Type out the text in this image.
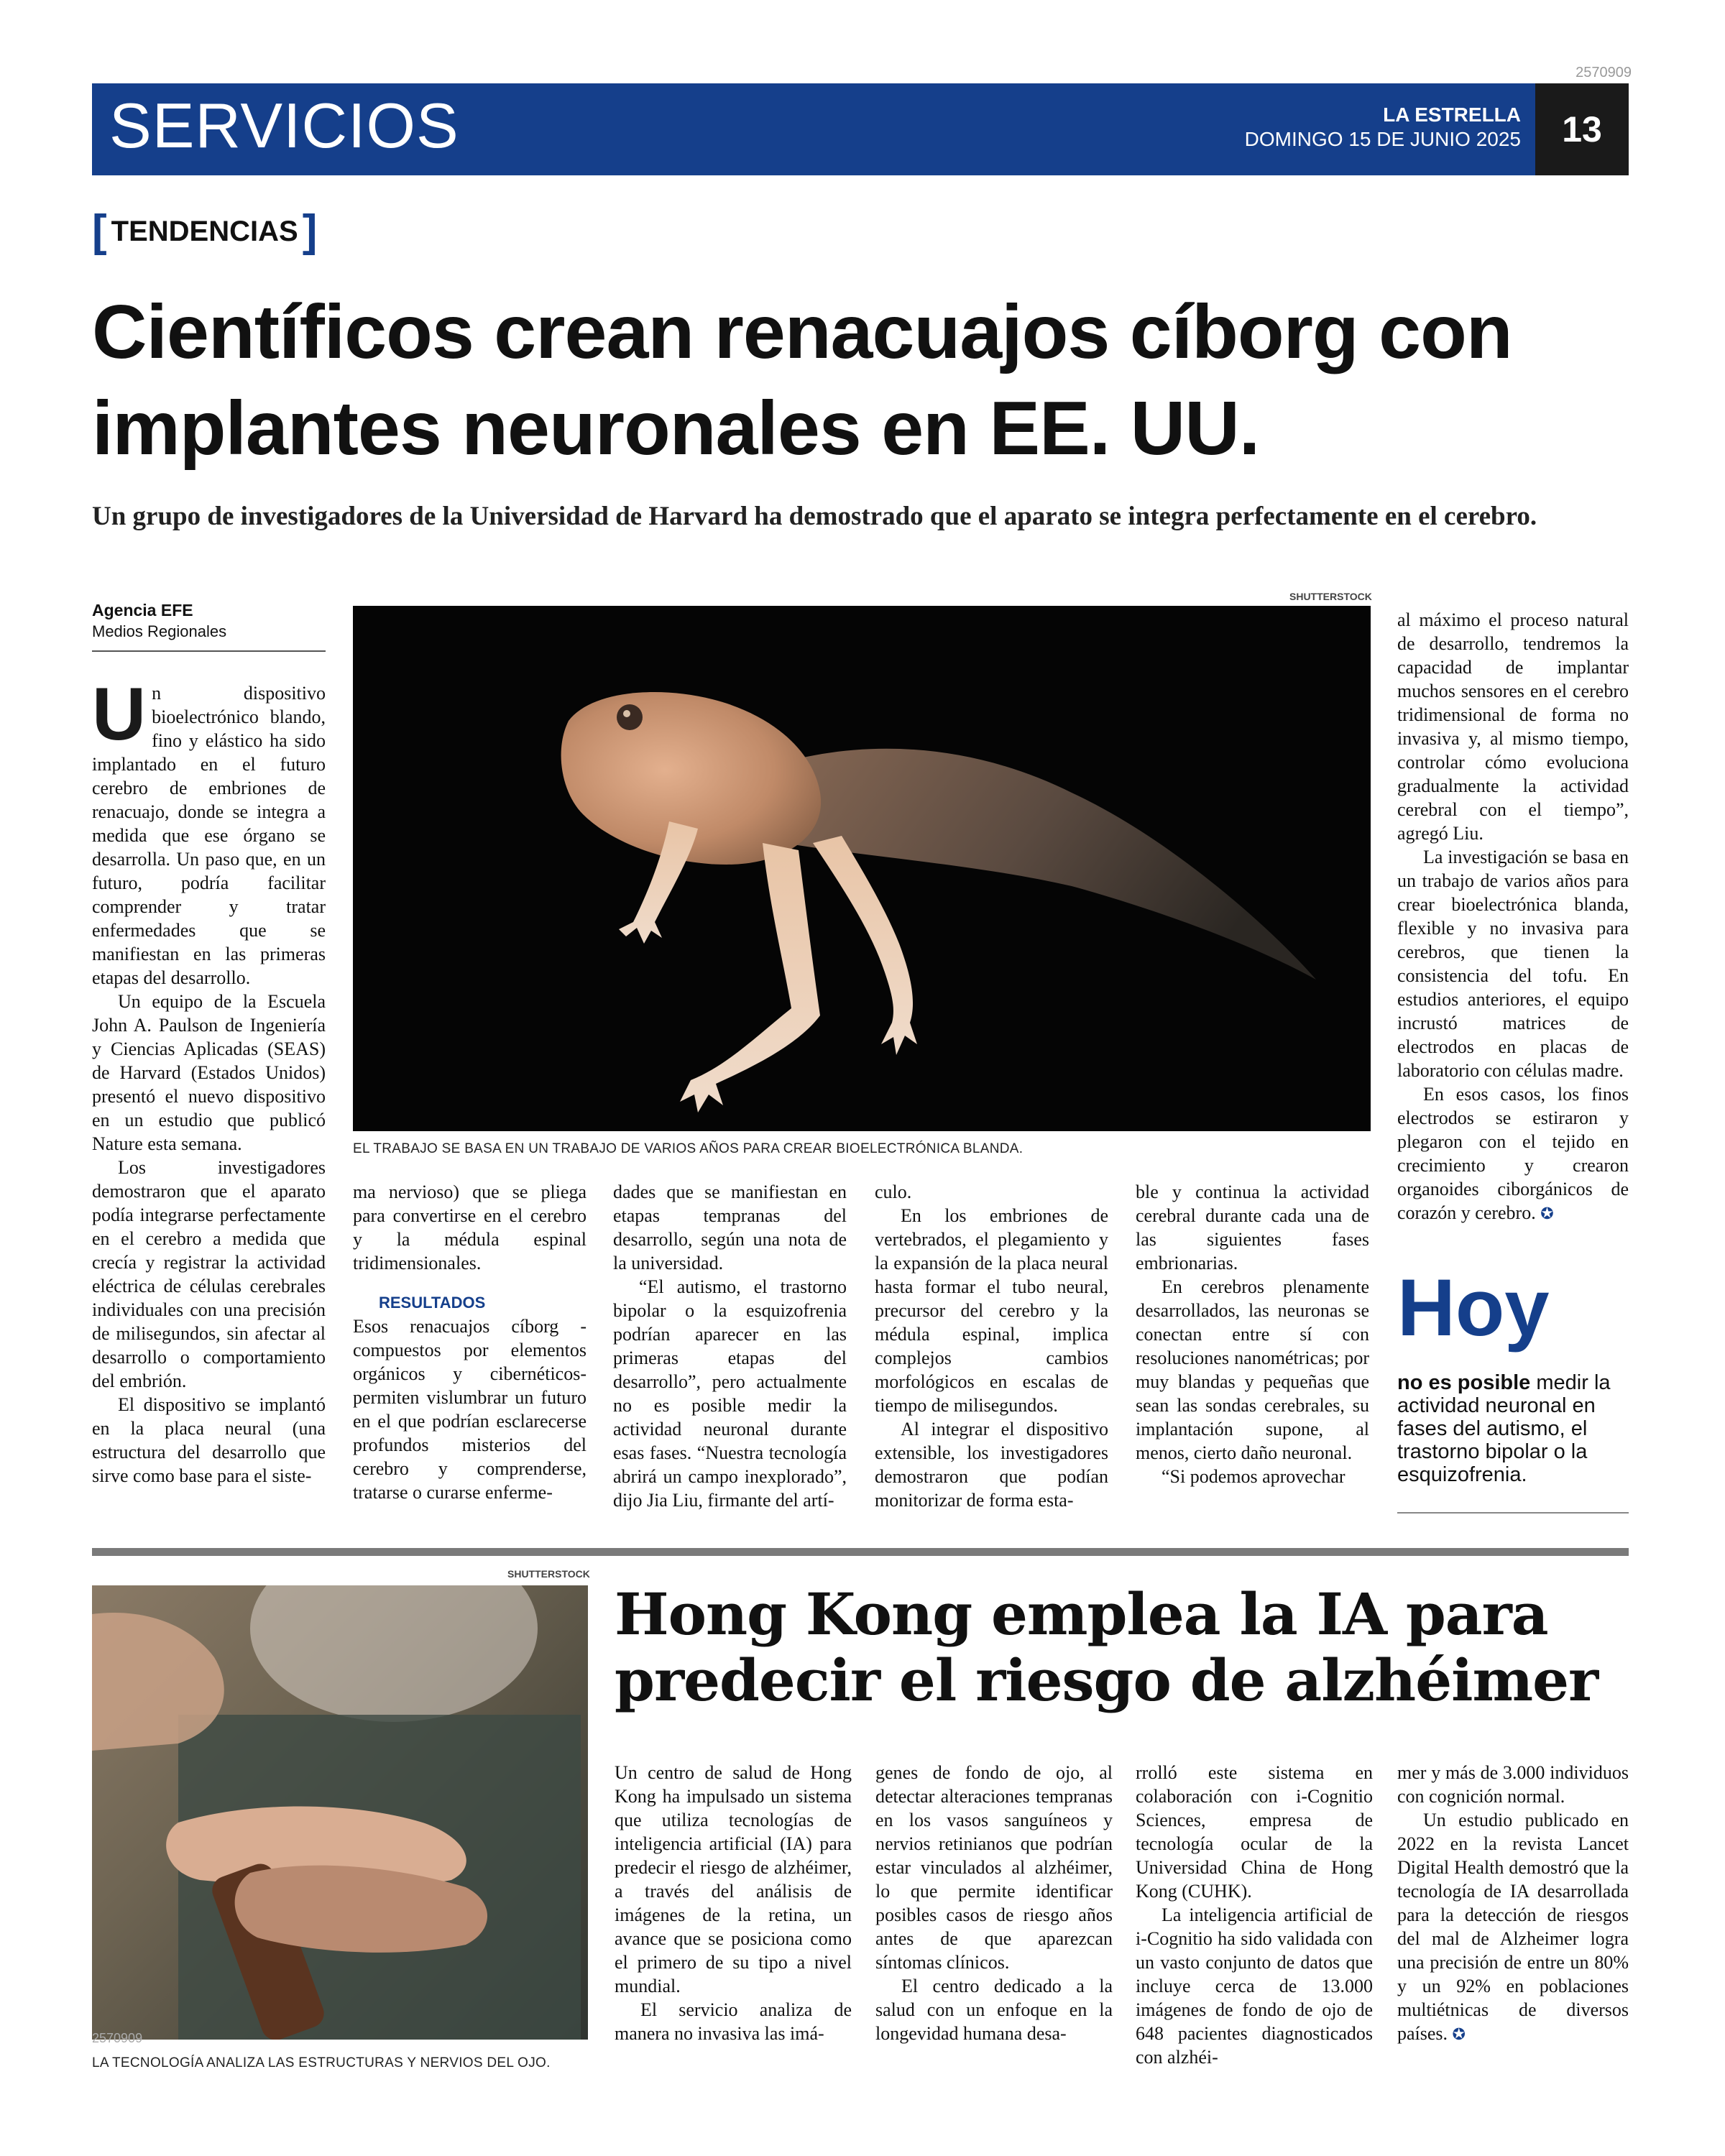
2570909
SERVICIOS	LA ESTRELLA
DOMINGO 15 DE JUNIO 2025	13
[ TENDENCIAS ]
Científicos crean renacuajos cíborg con implantes neuronales en EE. UU.
Un grupo de investigadores de la Universidad de Harvard ha demostrado que el aparato se integra perfectamente en el cerebro.
Agencia EFE
Medios Regionales
SHUTTERSTOCK
EL TRABAJO SE BASA EN UN TRABAJO DE VARIOS AÑOS PARA CREAR BIOELECTRÓNICA BLANDA.

Un dispositivo bioelectrónico blando, fino y elástico ha sido implantado en el futuro cerebro de embriones de renacuajo, donde se integra a medida que ese órgano se desarrolla. Un paso que, en un futuro, podría facilitar comprender y tratar enfermedades que se manifiestan en las primeras etapas del desarrollo.

Un equipo de la Escuela John A. Paulson de Ingeniería y Ciencias Aplicadas (SEAS) de Harvard (Estados Unidos) presentó el nuevo dispositivo en un estudio que publicó Nature esta semana.

Los investigadores demostraron que el aparato podía integrarse perfectamente en el cerebro a medida que crecía y registrar la actividad eléctrica de células cerebrales individuales con una precisión de milisegundos, sin afectar al desarrollo o comportamiento del embrión.

El dispositivo se implantó en la placa neural (una estructura del desarrollo que sirve como base para el siste-

ma nervioso) que se pliega para convertirse en el cerebro y la médula espinal tridimensionales.

RESULTADOS

Esos renacuajos cíborg -compuestos por elementos orgánicos y cibernéticos- permiten vislumbrar un futuro en el que podrían esclarecerse profundos misterios del cerebro y comprenderse, tratarse o curarse enferme-

dades que se manifiestan en etapas tempranas del desarrollo, según una nota de la universidad.

“El autismo, el trastorno bipolar o la esquizofrenia podrían aparecer en las primeras etapas del desarrollo”, pero actualmente no es posible medir la actividad neuronal durante esas fases. “Nuestra tecnología abrirá un campo inexplorado”, dijo Jia Liu, firmante del artí-

culo.

En los embriones de vertebrados, el plegamiento y la expansión de la placa neural hasta formar el tubo neural, precursor del cerebro y la médula espinal, implica complejos cambios morfológicos en escalas de tiempo de milisegundos.

Al integrar el dispositivo extensible, los investigadores demostraron que podían monitorizar de forma esta-

ble y continua la actividad cerebral durante cada una de las siguientes fases embrionarias.

En cerebros plenamente desarrollados, las neuronas se conectan entre sí con resoluciones nanométricas; por muy blandas y pequeñas que sean las sondas cerebrales, su implantación supone, al menos, cierto daño neuronal.

“Si podemos aprovechar

al máximo el proceso natural de desarrollo, tendremos la capacidad de implantar muchos sensores en el cerebro tridimensional de forma no invasiva y, al mismo tiempo, controlar cómo evoluciona gradualmente la actividad cerebral con el tiempo”, agregó Liu.

La investigación se basa en un trabajo de varios años para crear bioelectrónica blanda, flexible y no invasiva para cerebros, que tienen la consistencia del tofu. En estudios anteriores, el equipo incrustó matrices de electrodos en placas de laboratorio con células madre.

En esos casos, los finos electrodos se estiraron y plegaron con el tejido en crecimiento y crearon organoides ciborgánicos de corazón y cerebro. ✪

Hoy
no es posible medir la actividad neuronal en fases del autismo, el trastorno bipolar o la esquizofrenia.
SHUTTERSTOCK
LA TECNOLOGÍA ANALIZA LAS ESTRUCTURAS Y NERVIOS DEL OJO.
2570909
Hong Kong emplea la IA para predecir el riesgo de alzhéimer

Un centro de salud de Hong Kong ha impulsado un sistema que utiliza tecnologías de inteligencia artificial (IA) para predecir el riesgo de alzhéimer, a través del análisis de imágenes de la retina, un avance que se posiciona como el primero de su tipo a nivel mundial.

El servicio analiza de manera no invasiva las imá-

genes de fondo de ojo, al detectar alteraciones tempranas en los vasos sanguíneos y nervios retinianos que podrían estar vinculados al alzhéimer, lo que permite identificar posibles casos de riesgo años antes de que aparezcan síntomas clínicos.

El centro dedicado a la salud con un enfoque en la longevidad humana desa-

rrolló este sistema en colaboración con i-Cognitio Sciences, empresa de tecnología ocular de la Universidad China de Hong Kong (CUHK).

La inteligencia artificial de i-Cognitio ha sido validada con un vasto conjunto de datos que incluye cerca de 13.000 imágenes de fondo de ojo de 648 pacientes diagnosticados con alzhéi-

mer y más de 3.000 individuos con cognición normal.

Un estudio publicado en 2022 en la revista Lancet Digital Health demostró que la tecnología de IA desarrollada para la detección de riesgos del mal de Alzheimer logra una precisión de entre un 80% y un 92% en poblaciones multiétnicas de diversos países. ✪
